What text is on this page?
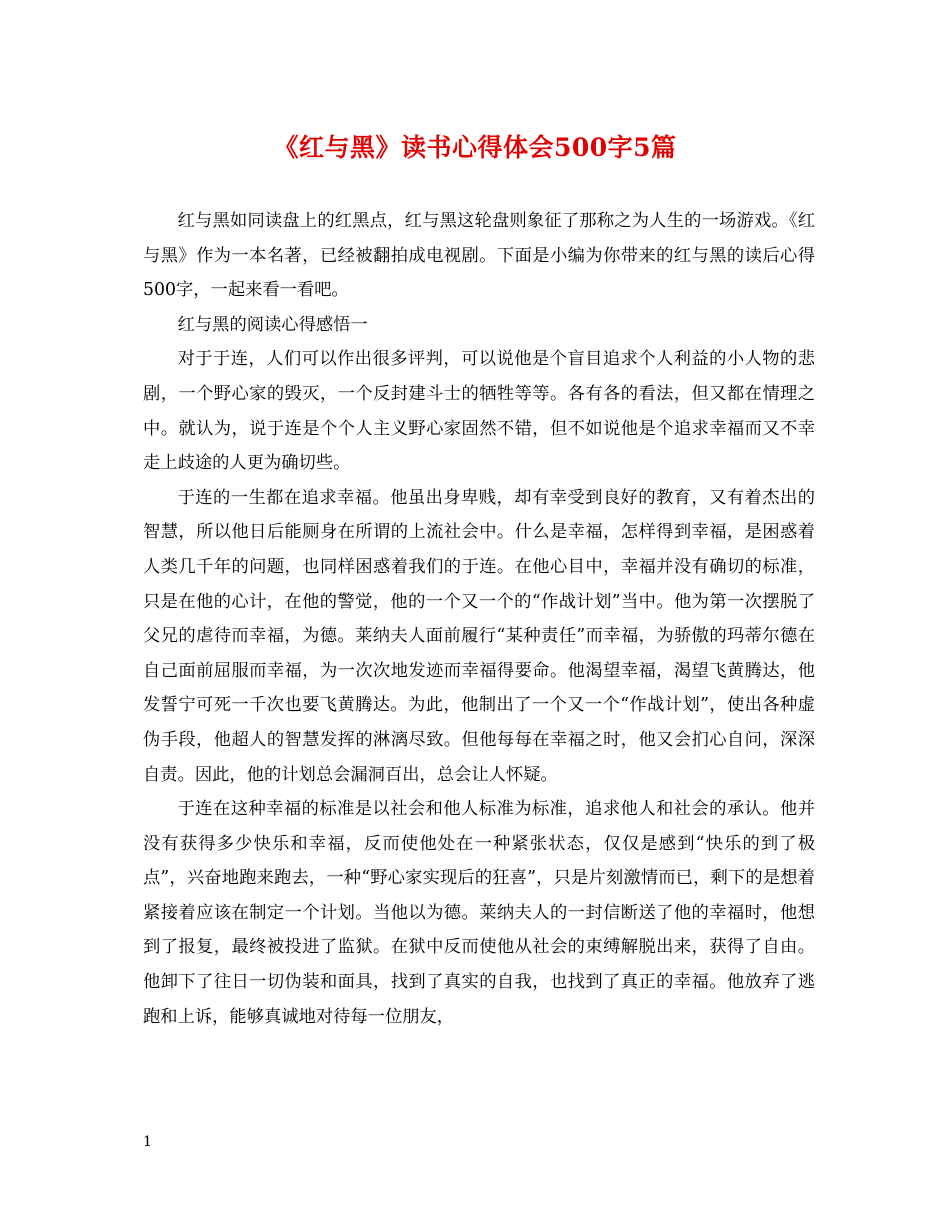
《红与黑》读书心得体会500字5篇

红与黑如同读盘上的红黑点，红与黑这轮盘则象征了那称之为人生的一场游戏。《红与黑》作为一本名著，已经被翻拍成电视剧。下面是小编为你带来的红与黑的读后心得500字，一起来看一看吧。

红与黑的阅读心得感悟一

对于于连，人们可以作出很多评判，可以说他是个盲目追求个人利益的小人物的悲剧，一个野心家的毁灭，一个反封建斗士的牺牲等等。各有各的看法，但又都在情理之中。就认为，说于连是个个人主义野心家固然不错，但不如说他是个追求幸福而又不幸走上歧途的人更为确切些。

于连的一生都在追求幸福。他虽出身卑贱，却有幸受到良好的教育，又有着杰出的智慧，所以他日后能厕身在所谓的上流社会中。什么是幸福，怎样得到幸福，是困惑着人类几千年的问题，也同样困惑着我们的于连。在他心目中，幸福并没有确切的标准，只是在他的心计，在他的警觉，他的一个又一个的“作战计划”当中。他为第一次摆脱了父兄的虐待而幸福，为德。莱纳夫人面前履行“某种责任”而幸福，为骄傲的玛蒂尔德在自己面前屈服而幸福，为一次次地发迹而幸福得要命。他渴望幸福，渴望飞黄腾达，他发誓宁可死一千次也要飞黄腾达。为此，他制出了一个又一个“作战计划”，使出各种虚伪手段，他超人的智慧发挥的淋漓尽致。但他每每在幸福之时，他又会扪心自问，深深自责。因此，他的计划总会漏洞百出，总会让人怀疑。

于连在这种幸福的标准是以社会和他人标准为标准，追求他人和社会的承认。他并没有获得多少快乐和幸福，反而使他处在一种紧张状态，仅仅是感到“快乐的到了极点”，兴奋地跑来跑去，一种“野心家实现后的狂喜”，只是片刻激情而已，剩下的是想着紧接着应该在制定一个计划。当他以为德。莱纳夫人的一封信断送了他的幸福时，他想到了报复，最终被投进了监狱。在狱中反而使他从社会的束缚解脱出来，获得了自由。他卸下了往日一切伪装和面具，找到了真实的自我，也找到了真正的幸福。他放弃了逃跑和上诉，能够真诚地对待每一位朋友，

1
